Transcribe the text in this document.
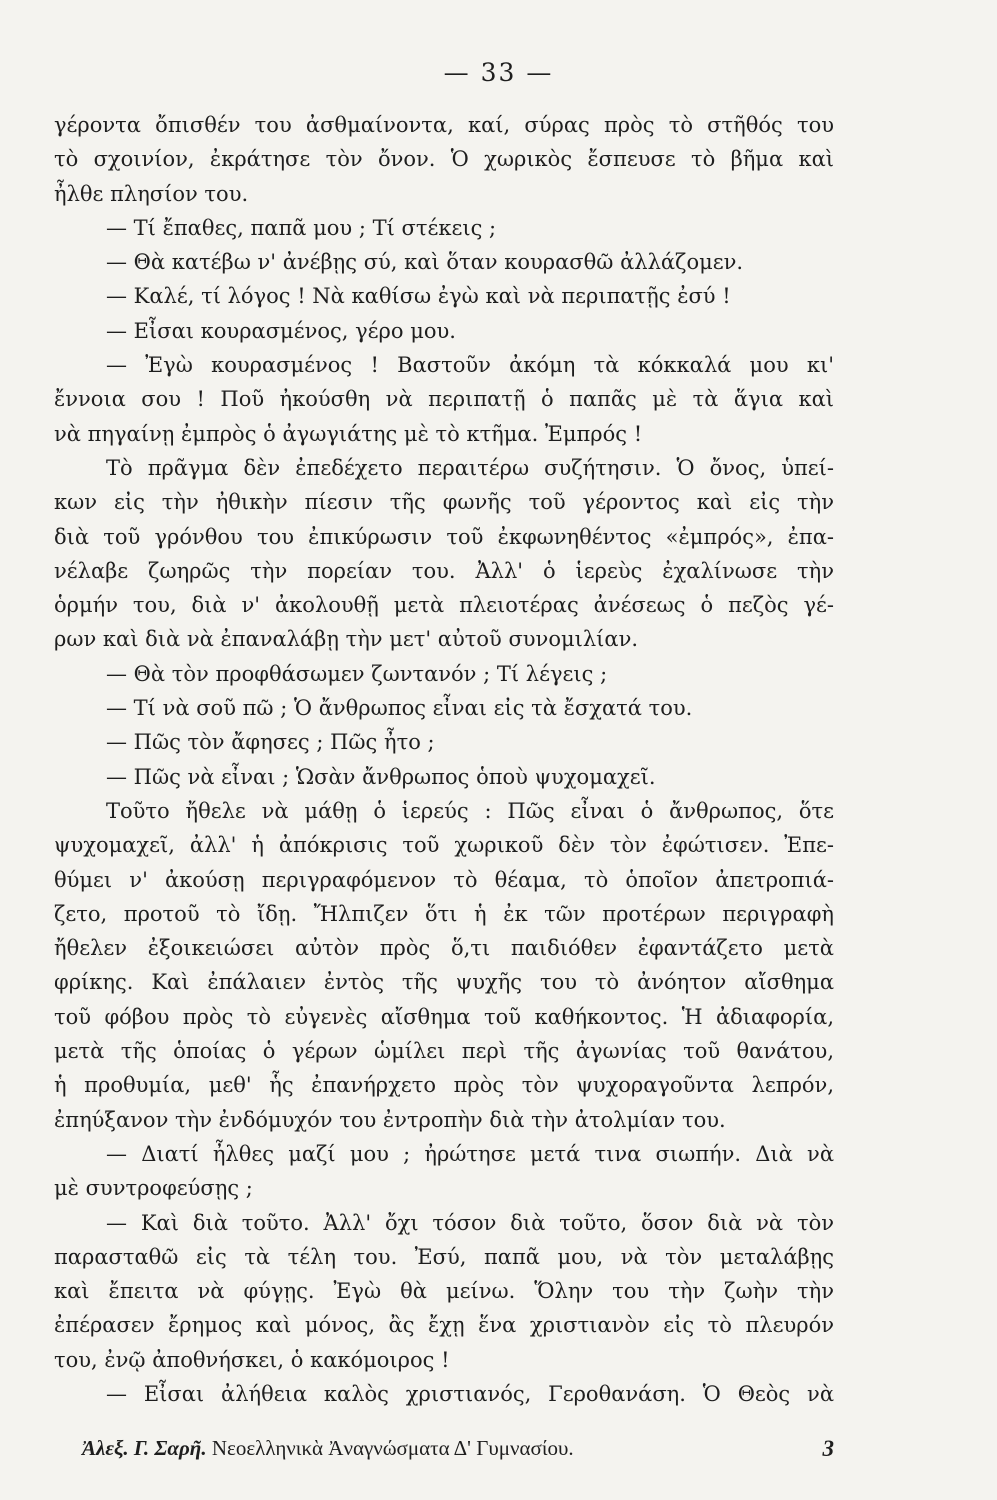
— 33 —
γέροντα ὄπισθέν του ἀσθμαίνοντα, καί, σύρας πρὸς τὸ στῆθός του
τὸ σχοινίον, ἐκράτησε τὸν ὄνον. Ὁ χωρικὸς ἔσπευσε τὸ βῆμα καὶ
ἦλθε πλησίον του.
— Τί ἔπαθες, παπᾶ μου ; Τί στέκεις ;
— Θὰ κατέβω ν' ἀνέβῃς σύ, καὶ ὅταν κουρασθῶ ἀλλάζομεν.
— Καλέ, τί λόγος ! Νὰ καθίσω ἐγὼ καὶ νὰ περιπατῇς ἐσύ !
— Εἶσαι κουρασμένος, γέρο μου.
— Ἐγὼ κουρασμένος ! Βαστοῦν ἀκόμη τὰ κόκκαλά μου κι'
ἔννοια σου ! Ποῦ ἠκούσθη νὰ περιπατῇ ὁ παπᾶς μὲ τὰ ἅγια καὶ
νὰ πηγαίνῃ ἐμπρὸς ὁ ἀγωγιάτης μὲ τὸ κτῆμα. Ἐμπρός !
Τὸ πρᾶγμα δὲν ἐπεδέχετο περαιτέρω συζήτησιν. Ὁ ὄνος, ὑπεί-
κων εἰς τὴν ἠθικὴν πίεσιν τῆς φωνῆς τοῦ γέροντος καὶ εἰς τὴν
διὰ τοῦ γρόνθου του ἐπικύρωσιν τοῦ ἐκφωνηθέντος «ἐμπρός», ἐπα-
νέλαβε ζωηρῶς τὴν πορείαν του. Ἀλλ' ὁ ἱερεὺς ἐχαλίνωσε τὴν
ὁρμήν του, διὰ ν' ἀκολουθῇ μετὰ πλειοτέρας ἀνέσεως ὁ πεζὸς γέ-
ρων καὶ διὰ νὰ ἐπαναλάβῃ τὴν μετ' αὐτοῦ συνομιλίαν.
— Θὰ τὸν προφθάσωμεν ζωντανόν ; Τί λέγεις ;
— Τί νὰ σοῦ πῶ ; Ὁ ἄνθρωπος εἶναι εἰς τὰ ἔσχατά του.
— Πῶς τὸν ἄφησες ; Πῶς ἦτο ;
— Πῶς νὰ εἶναι ; Ὡσὰν ἄνθρωπος ὁποὺ ψυχομαχεῖ.
Τοῦτο ἤθελε νὰ μάθῃ ὁ ἱερεύς : Πῶς εἶναι ὁ ἄνθρωπος, ὅτε
ψυχομαχεῖ, ἀλλ' ἡ ἀπόκρισις τοῦ χωρικοῦ δὲν τὸν ἐφώτισεν. Ἐπε-
θύμει ν' ἀκούσῃ περιγραφόμενον τὸ θέαμα, τὸ ὁποῖον ἀπετροπιά-
ζετο, προτοῦ τὸ ἴδῃ. Ἤλπιζεν ὅτι ἡ ἐκ τῶν προτέρων περιγραφὴ
ἤθελεν ἐξοικειώσει αὐτὸν πρὸς ὅ,τι παιδιόθεν ἐφαντάζετο μετὰ
φρίκης. Καὶ ἐπάλαιεν ἐντὸς τῆς ψυχῆς του τὸ ἀνόητον αἴσθημα
τοῦ φόβου πρὸς τὸ εὐγενὲς αἴσθημα τοῦ καθήκοντος. Ἡ ἀδιαφορία,
μετὰ τῆς ὁποίας ὁ γέρων ὡμίλει περὶ τῆς ἀγωνίας τοῦ θανάτου,
ἡ προθυμία, μεθ' ἧς ἐπανήρχετο πρὸς τὸν ψυχοραγοῦντα λεπρόν,
ἐπηύξανον τὴν ἐνδόμυχόν του ἐντροπὴν διὰ τὴν ἀτολμίαν του.
— Διατί ἦλθες μαζί μου ; ἠρώτησε μετά τινα σιωπήν. Διὰ νὰ
μὲ συντροφεύσῃς ;
— Καὶ διὰ τοῦτο. Ἀλλ' ὄχι τόσον διὰ τοῦτο, ὅσον διὰ νὰ τὸν
παρασταθῶ εἰς τὰ τέλη του. Ἐσύ, παπᾶ μου, νὰ τὸν μεταλάβῃς
καὶ ἔπειτα νὰ φύγῃς. Ἐγὼ θὰ μείνω. Ὅλην του τὴν ζωὴν τὴν
ἐπέρασεν ἔρημος καὶ μόνος, ἂς ἔχῃ ἕνα χριστιανὸν εἰς τὸ πλευρόν
του, ἐνῷ ἀποθνήσκει, ὁ κακόμοιρος !
— Εἶσαι ἀλήθεια καλὸς χριστιανός, Γεροθανάση. Ὁ Θεὸς νὰ
Ἀλεξ. Γ. Σαρῆ. Νεοελληνικὰ Ἀναγνώσματα Δ' Γυμνασίου.	3
